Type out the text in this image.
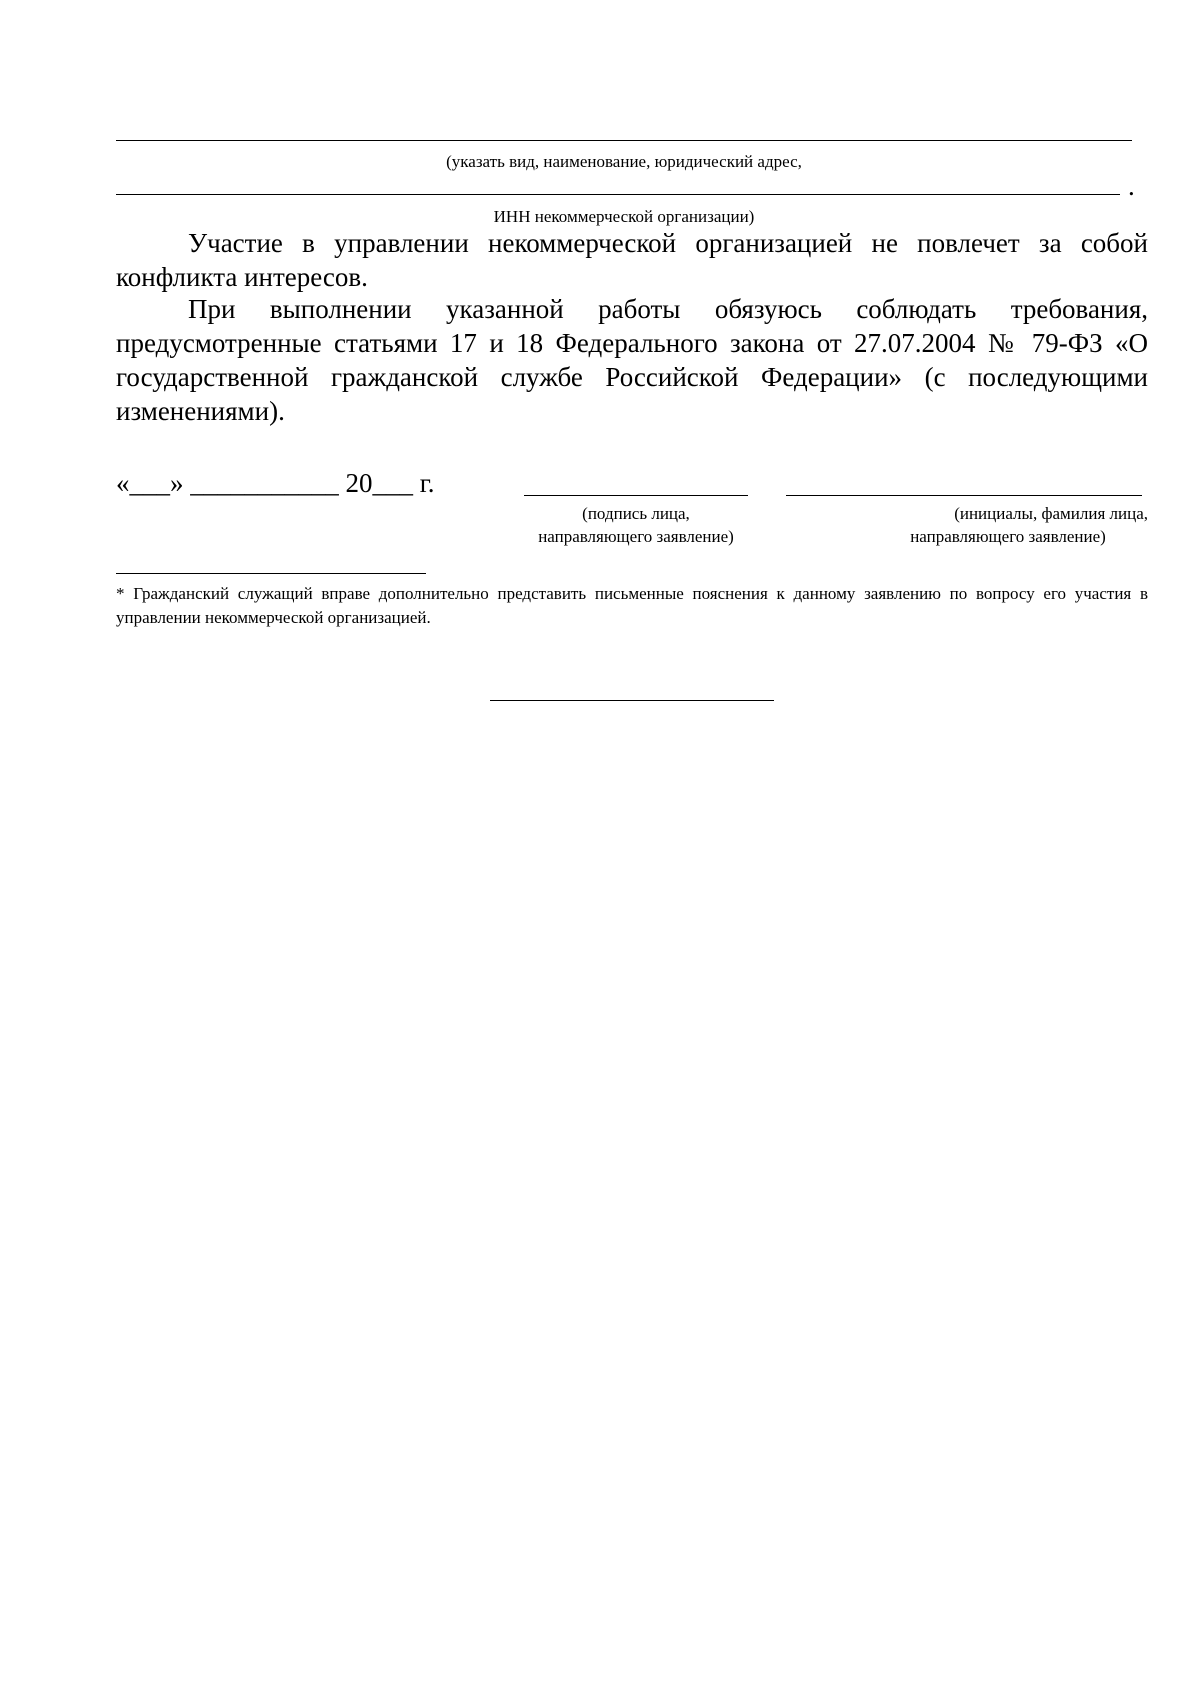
(указать вид, наименование, юридический адрес,
.
ИНН некоммерческой организации)
Участие в управлении некоммерческой организацией не повлечет за собой конфликта интересов.
При выполнении указанной работы обязуюсь соблюдать требования, предусмотренные статьями 17 и 18 Федерального закона от 27.07.2004 № 79-ФЗ «О государственной гражданской службе Российской Федерации» (с последующими изменениями).
«___» ___________ 20___ г.
(подпись лица,
направляющего заявление)
(инициалы, фамилия лица,
направляющего заявление)
* Гражданский служащий вправе дополнительно представить письменные пояснения к данному заявлению по вопросу его участия в управлении некоммерческой организацией.
